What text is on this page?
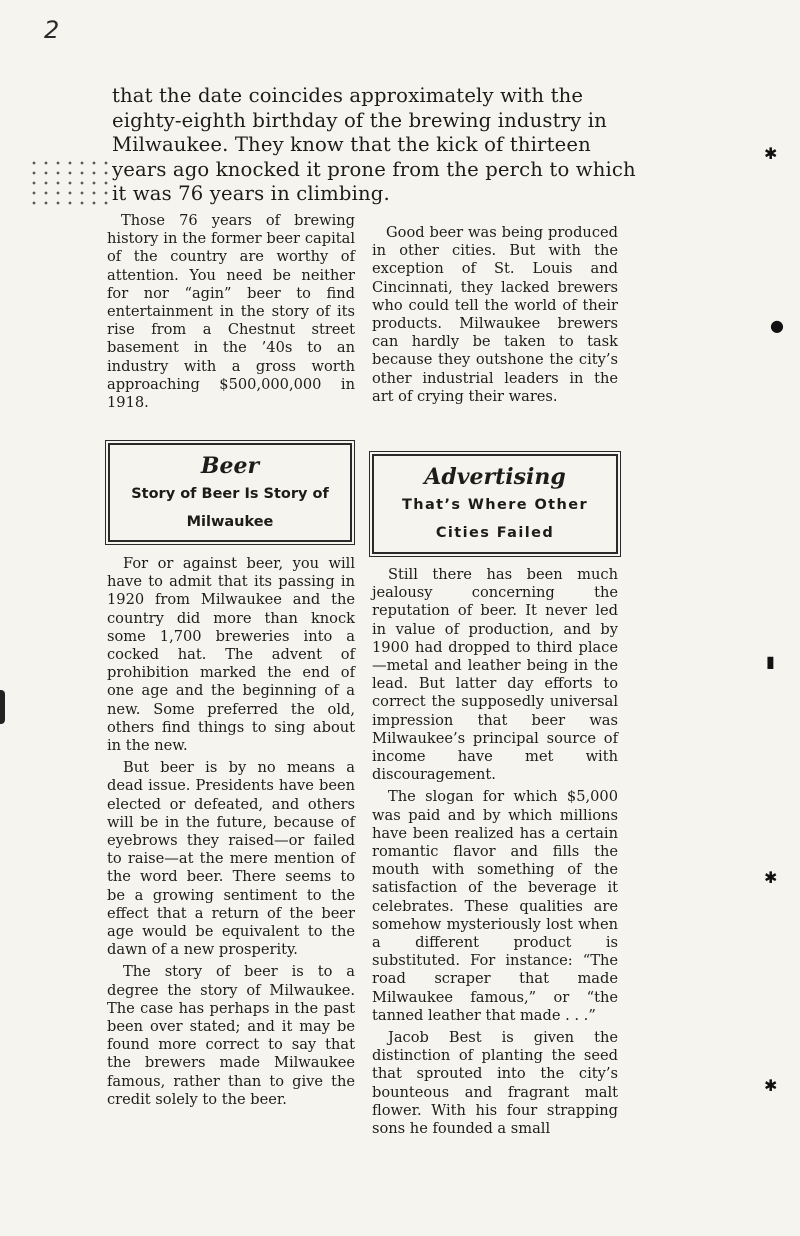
2
✱
●
▮
✱
✱
that the date coincides approximately with the
eighty-eighth birthday of the brewing industry in
Milwaukee. They know that the kick of thirteen
years ago knocked it prone from the perch to which
it was 76 years in climbing.

Those 76 years of brewing history in the former beer capital of the country are worthy of attention. You need be neither for nor “agin” beer to find entertainment in the story of its rise from a Chestnut street basement in the ’40s to an industry with a gross worth approaching $500,000,000 in 1918.

Beer
Story of Beer Is Story of
Milwaukee

For or against beer, you will have to admit that its passing in 1920 from Milwaukee and the country did more than knock some 1,700 breweries into a cocked hat. The advent of prohibition marked the end of one age and the beginning of a new. Some preferred the old, others find things to sing about in the new.

But beer is by no means a dead issue. Presidents have been elected or defeated, and others will be in the future, because of eyebrows they raised—or failed to raise—at the mere mention of the word beer. There seems to be a growing sentiment to the effect that a return of the beer age would be equivalent to the dawn of a new prosperity.

The story of beer is to a degree the story of Milwaukee. The case has perhaps in the past been over stated; and it may be found more correct to say that the brewers made Milwaukee famous, rather than to give the credit solely to the beer.

Good beer was being produced in other cities. But with the exception of St. Louis and Cincinnati, they lacked brewers who could tell the world of their products. Milwaukee brewers can hardly be taken to task because they outshone the city’s other industrial leaders in the art of crying their wares.

Advertising
That’s Where Other
Cities Failed

Still there has been much jealousy concerning the reputation of beer. It never led in value of production, and by 1900 had dropped to third place—metal and leather being in the lead. But latter day efforts to correct the supposedly universal impression that beer was Milwaukee’s principal source of income have met with discouragement.

The slogan for which $5,000 was paid and by which millions have been realized has a certain romantic flavor and fills the mouth with something of the satisfaction of the beverage it celebrates. These qualities are somehow mysteriously lost when a different product is substituted. For instance: “The road scraper that made Milwaukee famous,” or “the tanned leather that made . . .”

Jacob Best is given the distinction of planting the seed that sprouted into the city’s bounteous and fragrant malt flower. With his four strapping sons he founded a small
